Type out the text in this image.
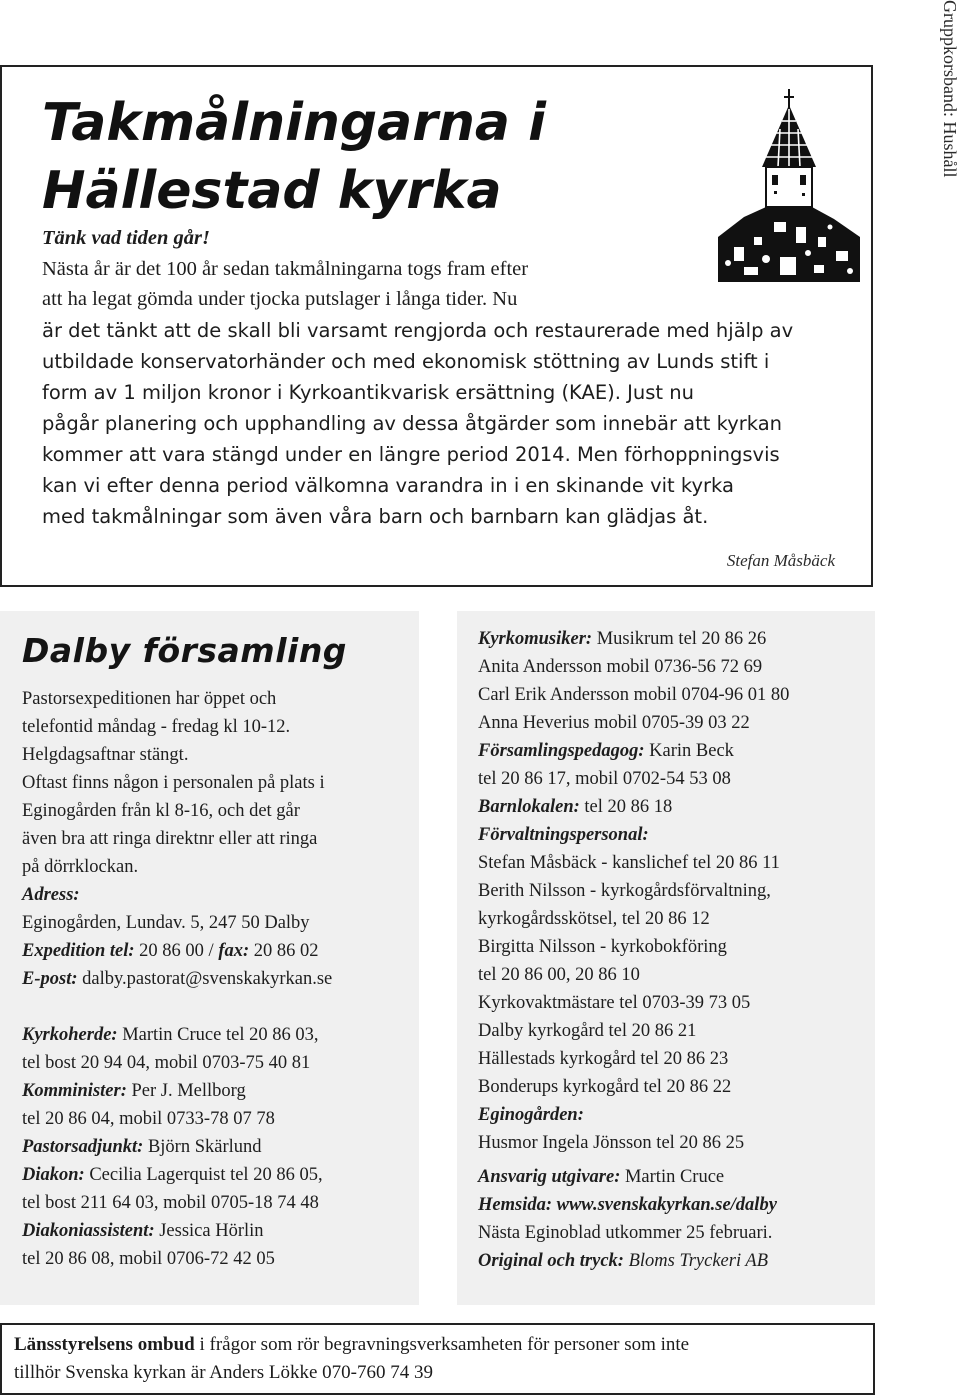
Takmålningarna i
Hällestad kyrka
Tänk vad tiden går!
Nästa år är det 100 år sedan takmålningarna togs fram efter
att ha legat gömda under tjocka putslager i långa tider. Nu
är det tänkt att de skall bli varsamt rengjorda och restaurerade med hjälp av
utbildade konservatorhänder och med ekonomisk stöttning av Lunds stift i
form av 1 miljon kronor i Kyrkoantikvarisk ersättning (KAE). Just nu
pågår planering och upphandling av dessa åtgärder som innebär att kyrkan
kommer att vara stängd under en längre period 2014. Men förhoppningsvis
kan vi efter denna period välkomna varandra in i en skinande vit kyrka
med takmålningar som även våra barn och barnbarn kan glädjas åt.
Stefan Måsbäck
Gruppkorsband: Hushåll
Dalby församling
Pastorsexpeditionen har öppet och
telefontid måndag - fredag kl 10-12.
Helgdagsaftnar stängt.
Oftast finns någon i personalen på plats i
Eginogården från kl 8-16, och det går
även bra att ringa direktnr eller att ringa
på dörrklockan.
Adress:
Eginogården, Lundav. 5, 247 50 Dalby
Expedition tel: 20 86 00 / fax: 20 86 02
E-post: dalby.pastorat@svenskakyrkan.se
Kyrkoherde: Martin Cruce tel 20 86 03,
tel bost 20 94 04, mobil 0703-75 40 81
Komminister: Per J. Mellborg
tel 20 86 04, mobil 0733-78 07 78
Pastorsadjunkt: Björn Skärlund
Diakon: Cecilia Lagerquist tel 20 86 05,
tel bost 211 64 03, mobil 0705-18 74 48
Diakoniassistent: Jessica Hörlin
tel 20 86 08, mobil 0706-72 42 05
Kyrkomusiker: Musikrum tel 20 86 26
Anita Andersson mobil 0736-56 72 69
Carl Erik Andersson mobil 0704-96 01 80
Anna Heverius mobil 0705-39 03 22
Församlingspedagog: Karin Beck
tel 20 86 17, mobil 0702-54 53 08
Barnlokalen: tel 20 86 18
Förvaltningspersonal:
Stefan Måsbäck - kanslichef tel 20 86 11
Berith Nilsson - kyrkogårdsförvaltning,
kyrkogårdsskötsel, tel 20 86 12
Birgitta Nilsson - kyrkobokföring
tel 20 86 00, 20 86 10
Kyrkovaktmästare tel 0703-39 73 05
Dalby kyrkogård tel 20 86 21
Hällestads kyrkogård tel 20 86 23
Bonderups kyrkogård tel 20 86 22
Eginogården:
Husmor Ingela Jönsson tel 20 86 25
Ansvarig utgivare: Martin Cruce
Hemsida: www.svenskakyrkan.se/dalby
Nästa Eginoblad utkommer 25 februari.
Original och tryck: Bloms Tryckeri AB
Länsstyrelsens ombud i frågor som rör begravningsverksamheten för personer som inte
tillhör Svenska kyrkan är Anders Lökke 070-760 74 39
